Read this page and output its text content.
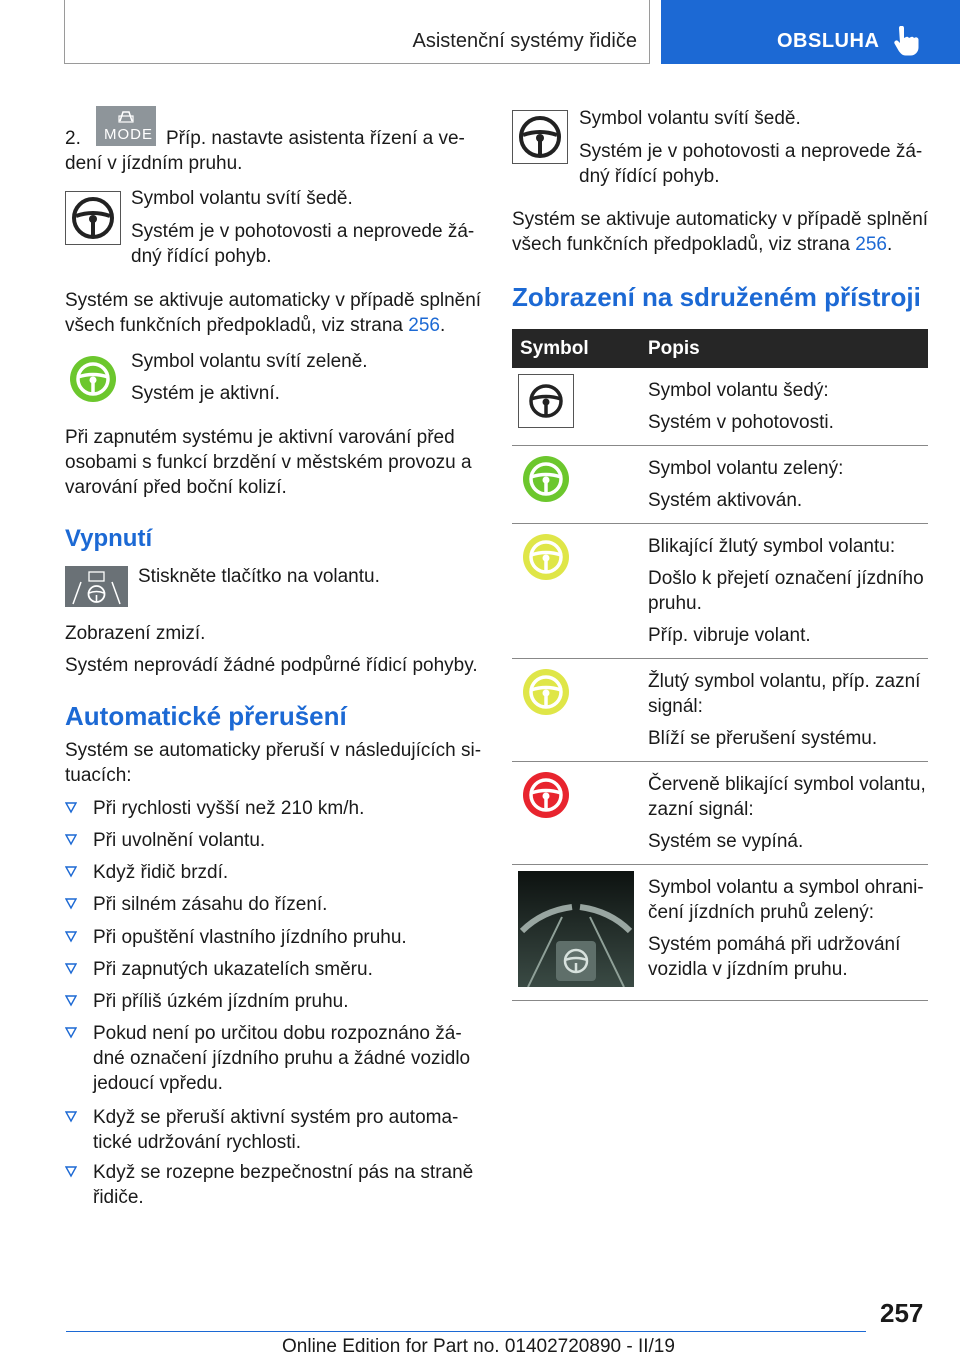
Asistenční systémy řidiče	OBSLUHA
2. MODE Příp. nastavte asistenta řízení a ve-
dení v jízdním pruhu.
Symbol volantu svítí šedě.
Systém je v pohotovosti a neprovede žá-
dný řídící pohyb.
Systém se aktivuje automaticky v případě splnění
všech funkčních předpokladů, viz strana 256.
Symbol volantu svítí zeleně.
Systém je aktivní.
Při zapnutém systému je aktivní varování před
osobami s funkcí brzdění v městském provozu a
varování před boční kolizí.
Vypnutí
Stiskněte tlačítko na volantu.
Zobrazení zmizí.
Systém neprovádí žádné podpůrné řídicí pohyby.
Automatické přerušení
Systém se automaticky přeruší v následujících si-
tuacích:
Při rychlosti vyšší než 210 km/h.
Při uvolnění volantu.
Když řidič brzdí.
Při silném zásahu do řízení.
Při opuštění vlastního jízdního pruhu.
Při zapnutých ukazatelích směru.
Při příliš úzkém jízdním pruhu.
Pokud není po určitou dobu rozpoznáno žá-
dné označení jízdního pruhu a žádné vozidlo
jedoucí vpředu.
Když se přeruší aktivní systém pro automa-
tické udržování rychlosti.
Když se rozepne bezpečnostní pás na straně
řidiče.
Symbol volantu svítí šedě.
Systém je v pohotovosti a neprovede žá-
dný řídící pohyb.
Systém se aktivuje automaticky v případě splnění
všech funkčních předpokladů, viz strana 256.
Zobrazení na sdruženém přístroji
Symbol	Popis

Symbol volantu šedý:
Systém v pohotovosti.

Symbol volantu zelený:
Systém aktivován.

Blikající žlutý symbol volantu:
Došlo k přejetí označení jízdního pruhu.
Příp. vibruje volant.

Žlutý symbol volantu, příp. zazní signál:
Blíží se přerušení systému.

Červeně blikající symbol volantu, zazní signál:
Systém se vypíná.

Symbol volantu a symbol ohrani-čení jízdních pruhů zelený:
Systém pomáhá při udržování vozidla v jízdním pruhu.
257
Online Edition for Part no. 01402720890 - II/19
